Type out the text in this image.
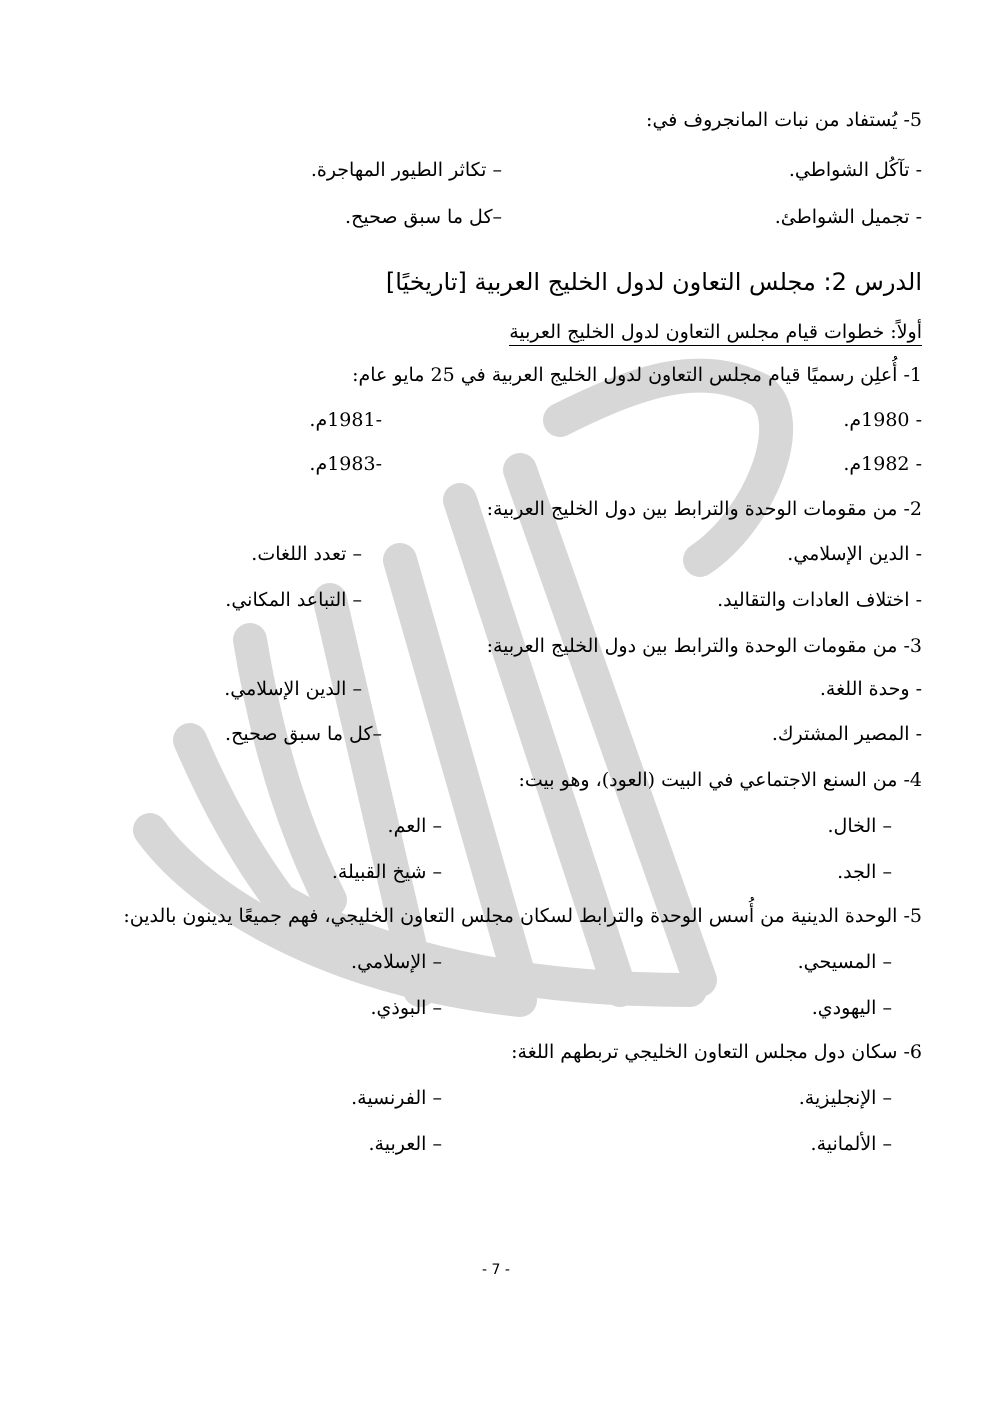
5- يُستفاد من نبات المانجروف في:
- تآكُل الشواطي.
– تكاثر الطيور المهاجرة.
- تجميل الشواطئ.
–كل ما سبق صحيح.
الدرس 2: مجلس التعاون لدول الخليج العربية [تاريخيًا]
أولاً: خطوات قيام مجلس التعاون لدول الخليج العربية
1- أُعلِن رسميًا قيام مجلس التعاون لدول الخليج العربية في 25 مايو عام:
- 1980م.
-1981م.
- 1982م.
-1983م.
2- من مقومات الوحدة والترابط بين دول الخليج العربية:
- الدين الإسلامي.
– تعدد اللغات.
- اختلاف العادات والتقاليد.
– التباعد المكاني.
3- من مقومات الوحدة والترابط بين دول الخليج العربية:
- وحدة اللغة.
– الدين الإسلامي.
- المصير المشترك.
–كل ما سبق صحيح.
4- من السنع الاجتماعي في البيت (العود)، وهو بيت:
– الخال.
– العم.
– الجد.
– شيخ القبيلة.
5- الوحدة الدينية من أُسس الوحدة والترابط لسكان مجلس التعاون الخليجي، فهم جميعًا يدينون بالدين:
– المسيحي.
– الإسلامي.
– اليهودي.
– البوذي.
6- سكان دول مجلس التعاون الخليجي تربطهم اللغة:
– الإنجليزية.
– الفرنسية.
– الألمانية.
– العربية.
- 7 -
